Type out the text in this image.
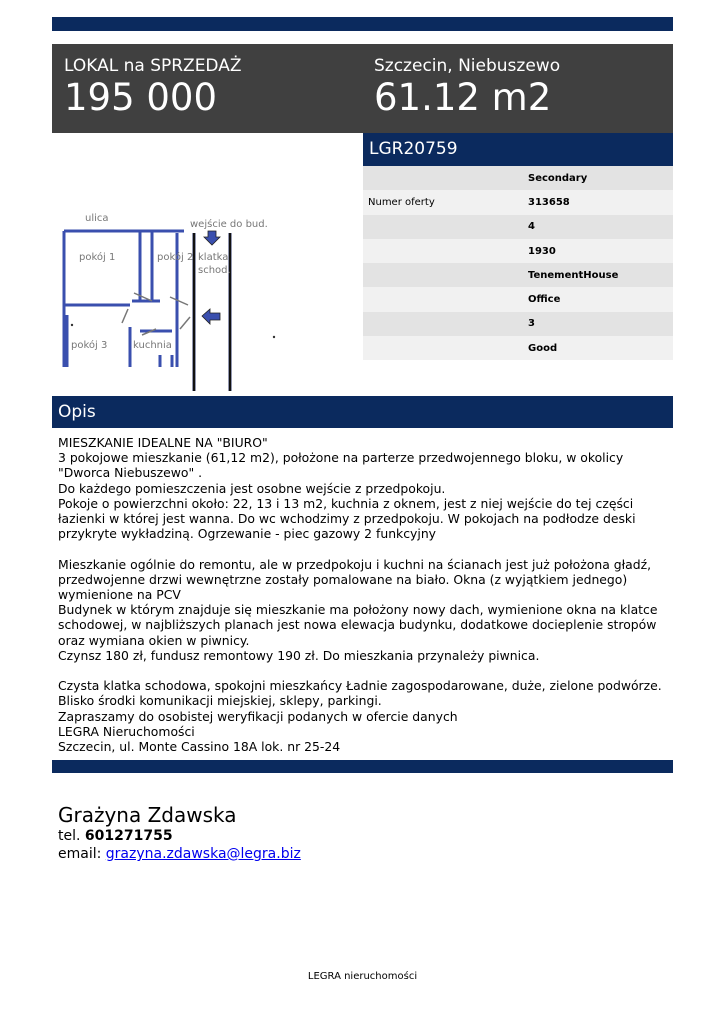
LOKAL na SPRZEDAŻ
195 000
Szczecin, Niebuszewo
61.12 m2
ulica
wejście do bud.
pokój 1	pokój 2 klatka
schod.
pokój 3	kuchnia
LGR20759
	Secondary
Numer oferty	313658
	4
	1930
	TenementHouse
	Office
	3
	Good
Opis
MIESZKANIE IDEALNE NA "BIURO"
3 pokojowe mieszkanie (61,12 m2), położone na parterze przedwojennego bloku, w okolicy
"Dworca Niebuszewo" .
Do każdego pomieszczenia jest osobne wejście z przedpokoju.
Pokoje o powierzchni około: 22, 13 i 13 m2, kuchnia z oknem, jest z niej wejście do tej części
łazienki w której jest wanna. Do wc wchodzimy z przedpokoju. W pokojach na podłodze deski
przykryte wykładziną. Ogrzewanie - piec gazowy 2 funkcyjny
Mieszkanie ogólnie do remontu, ale w przedpokoju i kuchni na ścianach jest już położona gładź,
przedwojenne drzwi wewnętrzne zostały pomalowane na biało. Okna (z wyjątkiem jednego)
wymienione na PCV
Budynek w którym znajduje się mieszkanie ma położony nowy dach, wymienione okna na klatce
schodowej, w najbliższych planach jest nowa elewacja budynku, dodatkowe docieplenie stropów
oraz wymiana okien w piwnicy.
Czynsz 180 zł, fundusz remontowy 190 zł. Do mieszkania przynależy piwnica.
Czysta klatka schodowa, spokojni mieszkańcy Ładnie zagospodarowane, duże, zielone podwórze.
Blisko środki komunikacji miejskiej, sklepy, parkingi.
Zapraszamy do osobistej weryfikacji podanych w ofercie danych
LEGRA Nieruchomości
Szczecin, ul. Monte Cassino 18A lok. nr 25-24
Grażyna Zdawska
tel. 601271755
email: grazyna.zdawska@legra.biz
LEGRA nieruchomości
